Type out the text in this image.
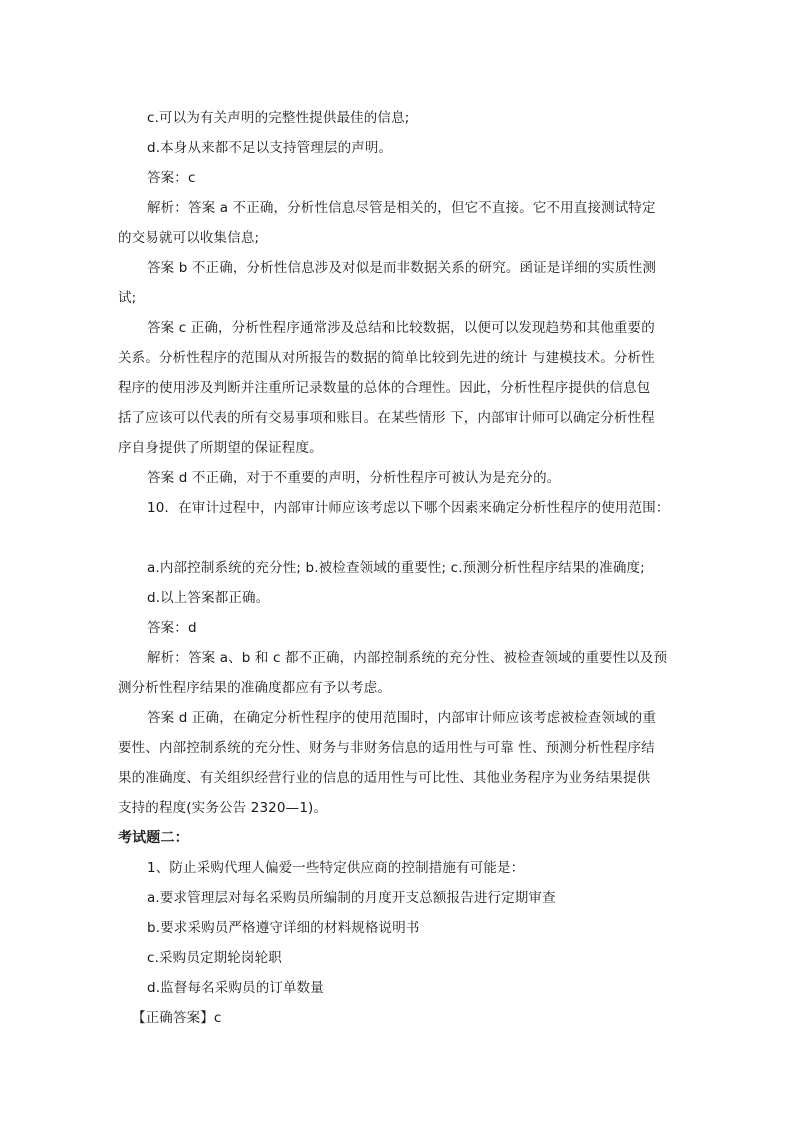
c.可以为有关声明的完整性提供最佳的信息;
d.本身从来都不足以支持管理层的声明。
答案：c
解析：答案 a 不正确，分析性信息尽管是相关的，但它不直接。它不用直接测试特定
的交易就可以收集信息;
答案 b 不正确，分析性信息涉及对似是而非数据关系的研究。函证是详细的实质性测
试;
答案 c 正确，分析性程序通常涉及总结和比较数据，以便可以发现趋势和其他重要的
关系。分析性程序的范围从对所报告的数据的简单比较到先进的统计 与建模技术。分析性
程序的使用涉及判断并注重所记录数量的总体的合理性。因此，分析性程序提供的信息包
括了应该可以代表的所有交易事项和账目。在某些情形 下，内部审计师可以确定分析性程
序自身提供了所期望的保证程度。
答案 d 不正确，对于不重要的声明，分析性程序可被认为是充分的。
10．在审计过程中，内部审计师应该考虑以下哪个因素来确定分析性程序的使用范围：
a.内部控制系统的充分性; b.被检查领域的重要性; c.预测分析性程序结果的准确度;
d.以上答案都正确。
答案：d
解析：答案 a、b 和 c 都不正确，内部控制系统的充分性、被检查领域的重要性以及预
测分析性程序结果的准确度都应有予以考虑。
答案 d 正确，在确定分析性程序的使用范围时，内部审计师应该考虑被检查领域的重
要性、内部控制系统的充分性、财务与非财务信息的适用性与可靠 性、预测分析性程序结
果的准确度、有关组织经营行业的信息的适用性与可比性、其他业务程序为业务结果提供
支持的程度(实务公告 2320—1)。
考试题二：
1、防止采购代理人偏爱一些特定供应商的控制措施有可能是：
a.要求管理层对每名采购员所编制的月度开支总额报告进行定期审查
b.要求采购员严格遵守详细的材料规格说明书
c.采购员定期轮岗轮职
d.监督每名采购员的订单数量
【正确答案】c
